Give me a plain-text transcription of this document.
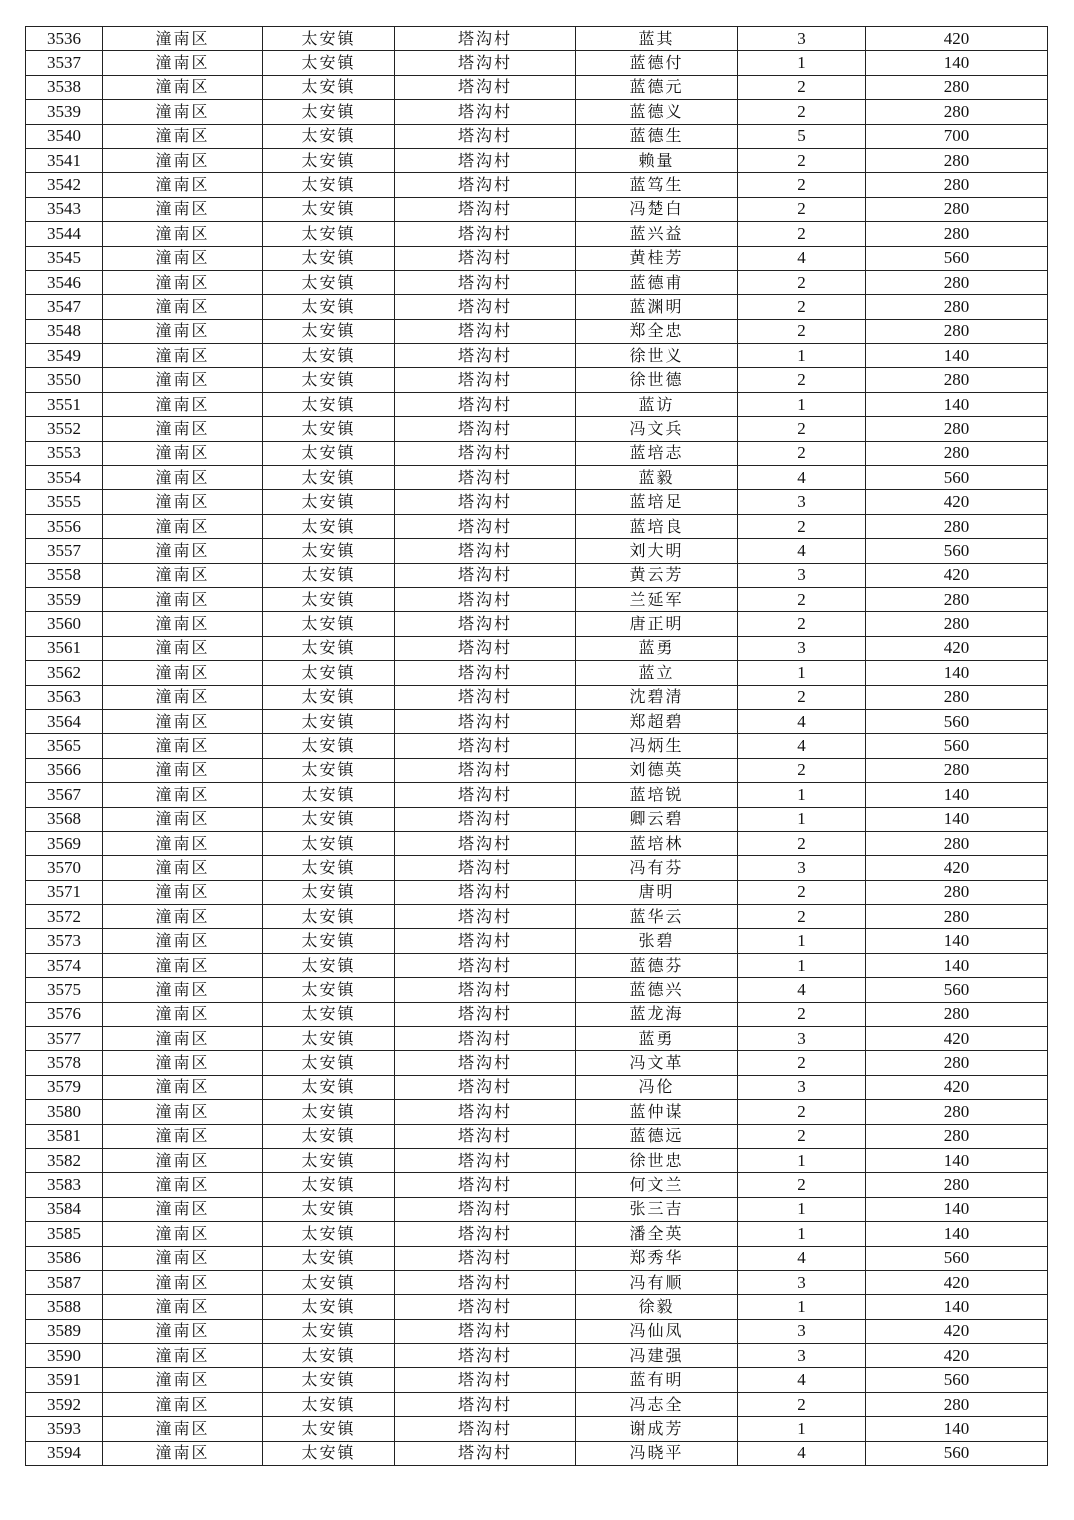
3536	潼南区	太安镇	塔沟村	蓝其	3	420
3537	潼南区	太安镇	塔沟村	蓝德付	1	140
3538	潼南区	太安镇	塔沟村	蓝德元	2	280
3539	潼南区	太安镇	塔沟村	蓝德义	2	280
3540	潼南区	太安镇	塔沟村	蓝德生	5	700
3541	潼南区	太安镇	塔沟村	赖量	2	280
3542	潼南区	太安镇	塔沟村	蓝笃生	2	280
3543	潼南区	太安镇	塔沟村	冯楚白	2	280
3544	潼南区	太安镇	塔沟村	蓝兴益	2	280
3545	潼南区	太安镇	塔沟村	黄桂芳	4	560
3546	潼南区	太安镇	塔沟村	蓝德甫	2	280
3547	潼南区	太安镇	塔沟村	蓝渊明	2	280
3548	潼南区	太安镇	塔沟村	郑全忠	2	280
3549	潼南区	太安镇	塔沟村	徐世义	1	140
3550	潼南区	太安镇	塔沟村	徐世德	2	280
3551	潼南区	太安镇	塔沟村	蓝访	1	140
3552	潼南区	太安镇	塔沟村	冯文兵	2	280
3553	潼南区	太安镇	塔沟村	蓝培志	2	280
3554	潼南区	太安镇	塔沟村	蓝毅	4	560
3555	潼南区	太安镇	塔沟村	蓝培足	3	420
3556	潼南区	太安镇	塔沟村	蓝培良	2	280
3557	潼南区	太安镇	塔沟村	刘大明	4	560
3558	潼南区	太安镇	塔沟村	黄云芳	3	420
3559	潼南区	太安镇	塔沟村	兰延军	2	280
3560	潼南区	太安镇	塔沟村	唐正明	2	280
3561	潼南区	太安镇	塔沟村	蓝勇	3	420
3562	潼南区	太安镇	塔沟村	蓝立	1	140
3563	潼南区	太安镇	塔沟村	沈碧清	2	280
3564	潼南区	太安镇	塔沟村	郑超碧	4	560
3565	潼南区	太安镇	塔沟村	冯炳生	4	560
3566	潼南区	太安镇	塔沟村	刘德英	2	280
3567	潼南区	太安镇	塔沟村	蓝培锐	1	140
3568	潼南区	太安镇	塔沟村	卿云碧	1	140
3569	潼南区	太安镇	塔沟村	蓝培林	2	280
3570	潼南区	太安镇	塔沟村	冯有芬	3	420
3571	潼南区	太安镇	塔沟村	唐明	2	280
3572	潼南区	太安镇	塔沟村	蓝华云	2	280
3573	潼南区	太安镇	塔沟村	张碧	1	140
3574	潼南区	太安镇	塔沟村	蓝德芬	1	140
3575	潼南区	太安镇	塔沟村	蓝德兴	4	560
3576	潼南区	太安镇	塔沟村	蓝龙海	2	280
3577	潼南区	太安镇	塔沟村	蓝勇	3	420
3578	潼南区	太安镇	塔沟村	冯文革	2	280
3579	潼南区	太安镇	塔沟村	冯伦	3	420
3580	潼南区	太安镇	塔沟村	蓝仲谋	2	280
3581	潼南区	太安镇	塔沟村	蓝德远	2	280
3582	潼南区	太安镇	塔沟村	徐世忠	1	140
3583	潼南区	太安镇	塔沟村	何文兰	2	280
3584	潼南区	太安镇	塔沟村	张三吉	1	140
3585	潼南区	太安镇	塔沟村	潘全英	1	140
3586	潼南区	太安镇	塔沟村	郑秀华	4	560
3587	潼南区	太安镇	塔沟村	冯有顺	3	420
3588	潼南区	太安镇	塔沟村	徐毅	1	140
3589	潼南区	太安镇	塔沟村	冯仙凤	3	420
3590	潼南区	太安镇	塔沟村	冯建强	3	420
3591	潼南区	太安镇	塔沟村	蓝有明	4	560
3592	潼南区	太安镇	塔沟村	冯志全	2	280
3593	潼南区	太安镇	塔沟村	谢成芳	1	140
3594	潼南区	太安镇	塔沟村	冯晓平	4	560
